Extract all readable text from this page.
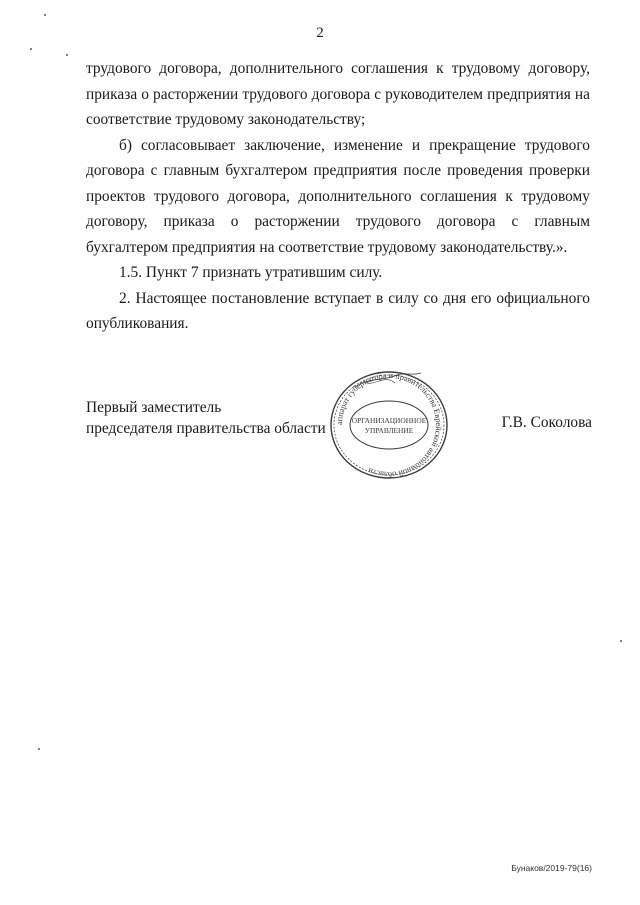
2

трудового договора, дополнительного соглашения к трудовому договору, приказа о расторжении трудового договора с руководителем предприятия на соответствие трудовому законодательству;

б) согласовывает заключение, изменение и прекращение трудового договора с главным бухгалтером предприятия после проведения проверки проектов трудового договора, дополнительного соглашения к трудовому договору, приказа о расторжении трудового договора с главным бухгалтером предприятия на соответствие трудовому законодательству.».

1.5. Пункт 7 признать утратившим силу.

2. Настоящее постановление вступает в силу со дня его официального опубликования.

Первый заместитель
председателя правительства области	Г.В. Соколова
аппарат губернатора и правительства Еврейской автономной области
ОРГАНИЗАЦИОННОЕ
УПРАВЛЕНИЕ
Бунаков/2019-79(16)
